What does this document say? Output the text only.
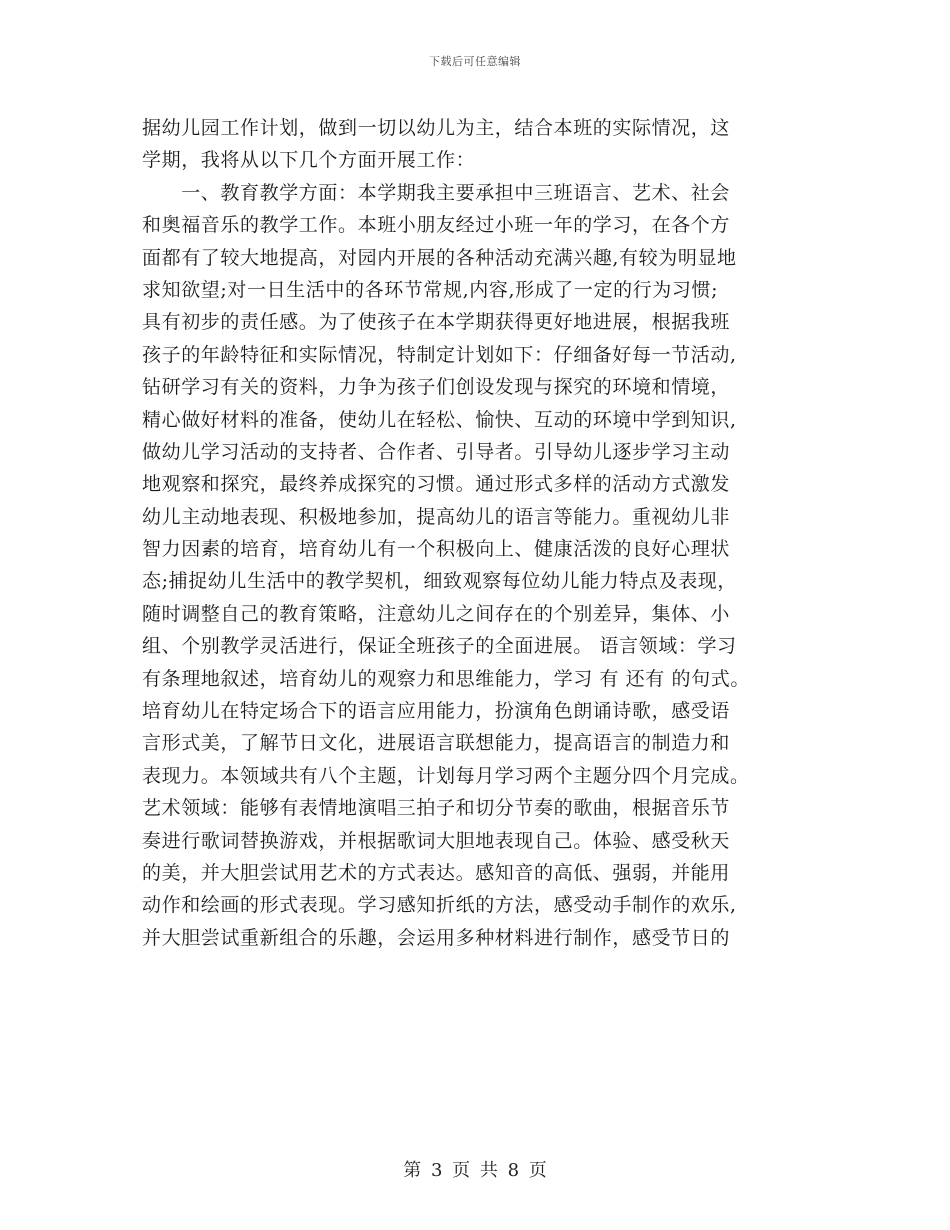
下载后可任意编辑
据幼儿园工作计划，做到一切以幼儿为主，结合本班的实际情况，这
学期，我将从以下几个方面开展工作：
　　一、教育教学方面：本学期我主要承担中三班语言、艺术、社会
和奥福音乐的教学工作。本班小朋友经过小班一年的学习，在各个方
面都有了较大地提高，对园内开展的各种活动充满兴趣,有较为明显地
求知欲望;对一日生活中的各环节常规,内容,形成了一定的行为习惯;
具有初步的责任感。为了使孩子在本学期获得更好地进展，根据我班
孩子的年龄特征和实际情况，特制定计划如下：仔细备好每一节活动,
钻研学习有关的资料，力争为孩子们创设发现与探究的环境和情境，
精心做好材料的准备，使幼儿在轻松、愉快、互动的环境中学到知识,
做幼儿学习活动的支持者、合作者、引导者。引导幼儿逐步学习主动
地观察和探究，最终养成探究的习惯。通过形式多样的活动方式激发
幼儿主动地表现、积极地参加，提高幼儿的语言等能力。重视幼儿非
智力因素的培育，培育幼儿有一个积极向上、健康活泼的良好心理状
态;捕捉幼儿生活中的教学契机，细致观察每位幼儿能力特点及表现，
随时调整自己的教育策略，注意幼儿之间存在的个别差异，集体、小
组、个别教学灵活进行，保证全班孩子的全面进展。 语言领域：学习
有条理地叙述，培育幼儿的观察力和思维能力，学习 有 还有 的句式。
培育幼儿在特定场合下的语言应用能力，扮演角色朗诵诗歌，感受语
言形式美，了解节日文化，进展语言联想能力，提高语言的制造力和
表现力。本领域共有八个主题，计划每月学习两个主题分四个月完成。
艺术领域：能够有表情地演唱三拍子和切分节奏的歌曲，根据音乐节
奏进行歌词替换游戏，并根据歌词大胆地表现自己。体验、感受秋天
的美，并大胆尝试用艺术的方式表达。感知音的高低、强弱，并能用
动作和绘画的形式表现。学习感知折纸的方法，感受动手制作的欢乐,
并大胆尝试重新组合的乐趣，会运用多种材料进行制作，感受节日的
第 3 页 共 8 页
